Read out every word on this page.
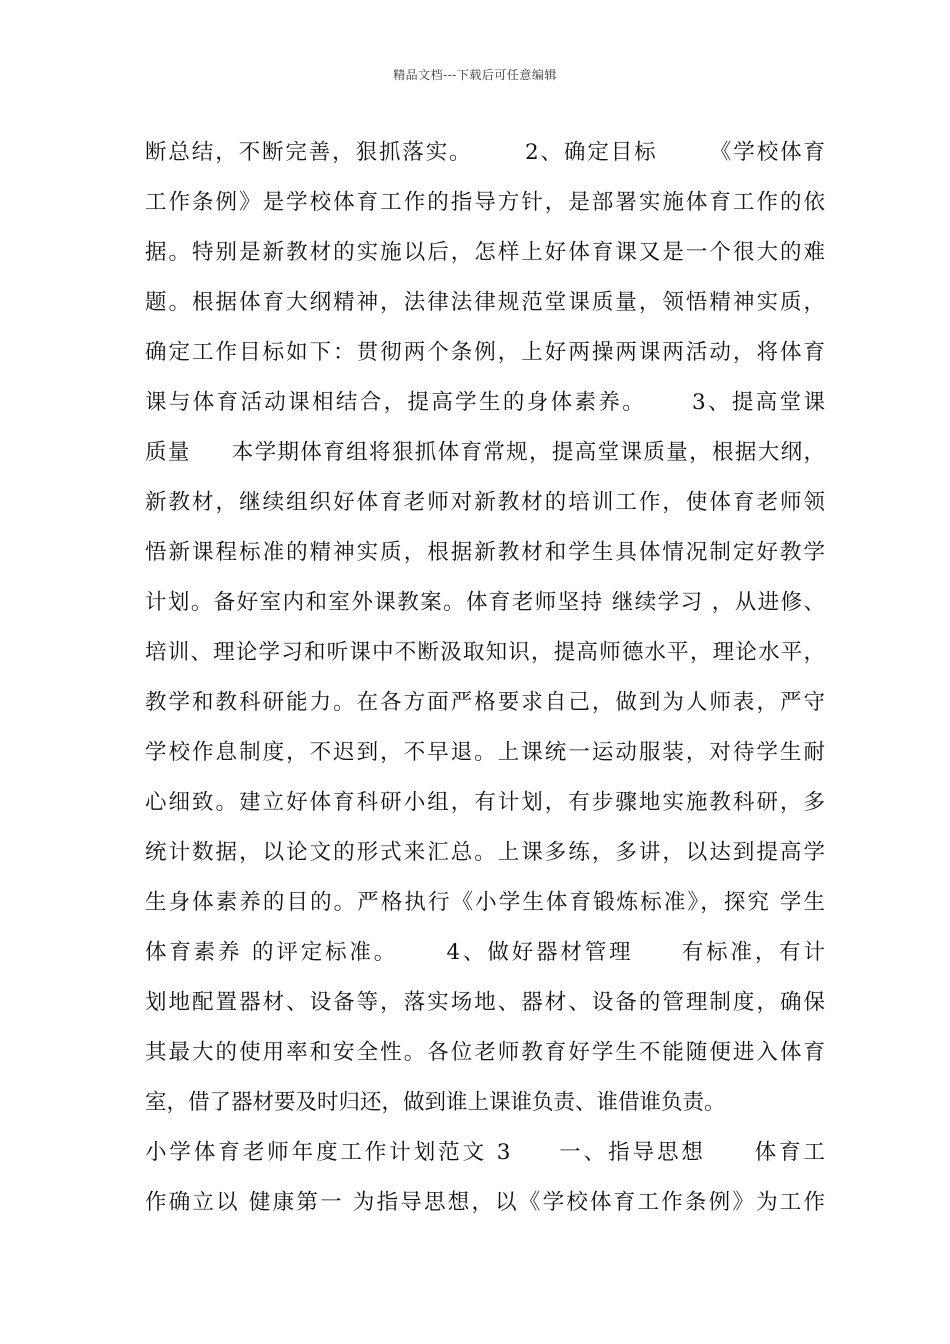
精品文档---下载后可任意编辑
断总结，不断完善，狠抓落实。      2、确定目标      《学校体育
工作条例》是学校体育工作的指导方针，是部署实施体育工作的依
据。特别是新教材的实施以后，怎样上好体育课又是一个很大的难
题。根据体育大纲精神，法律法律规范堂课质量，领悟精神实质，
确定工作目标如下：贯彻两个条例，上好两操两课两活动，将体育
课与体育活动课相结合，提高学生的身体素养。     3、提高堂课
质量     本学期体育组将狠抓体育常规，提高堂课质量，根据大纲，
新教材，继续组织好体育老师对新教材的培训工作，使体育老师领
悟新课程标准的精神实质，根据新教材和学生具体情况制定好教学
计划。备好室内和室外课教案。体育老师坚持 继续学习 ，从进修、
培训、理论学习和听课中不断汲取知识，提高师德水平，理论水平，
教学和教科研能力。在各方面严格要求自己，做到为人师表，严守
学校作息制度，不迟到，不早退。上课统一运动服装，对待学生耐
心细致。建立好体育科研小组，有计划，有步骤地实施教科研，多
统计数据，以论文的形式来汇总。上课多练，多讲，以达到提高学
生身体素养的目的。严格执行《小学生体育锻炼标准》，探究 学生
体育素养 的评定标准。     4、做好器材管理     有标准，有计
划地配置器材、设备等，落实场地、器材、设备的管理制度，确保
其最大的使用率和安全性。各位老师教育好学生不能随便进入体育
室，借了器材要及时归还，做到谁上课谁负责、谁借谁负责。
小学体育老师年度工作计划范文 3     一、指导思想     体育工
作确立以 健康第一 为指导思想，以《学校体育工作条例》为工作
